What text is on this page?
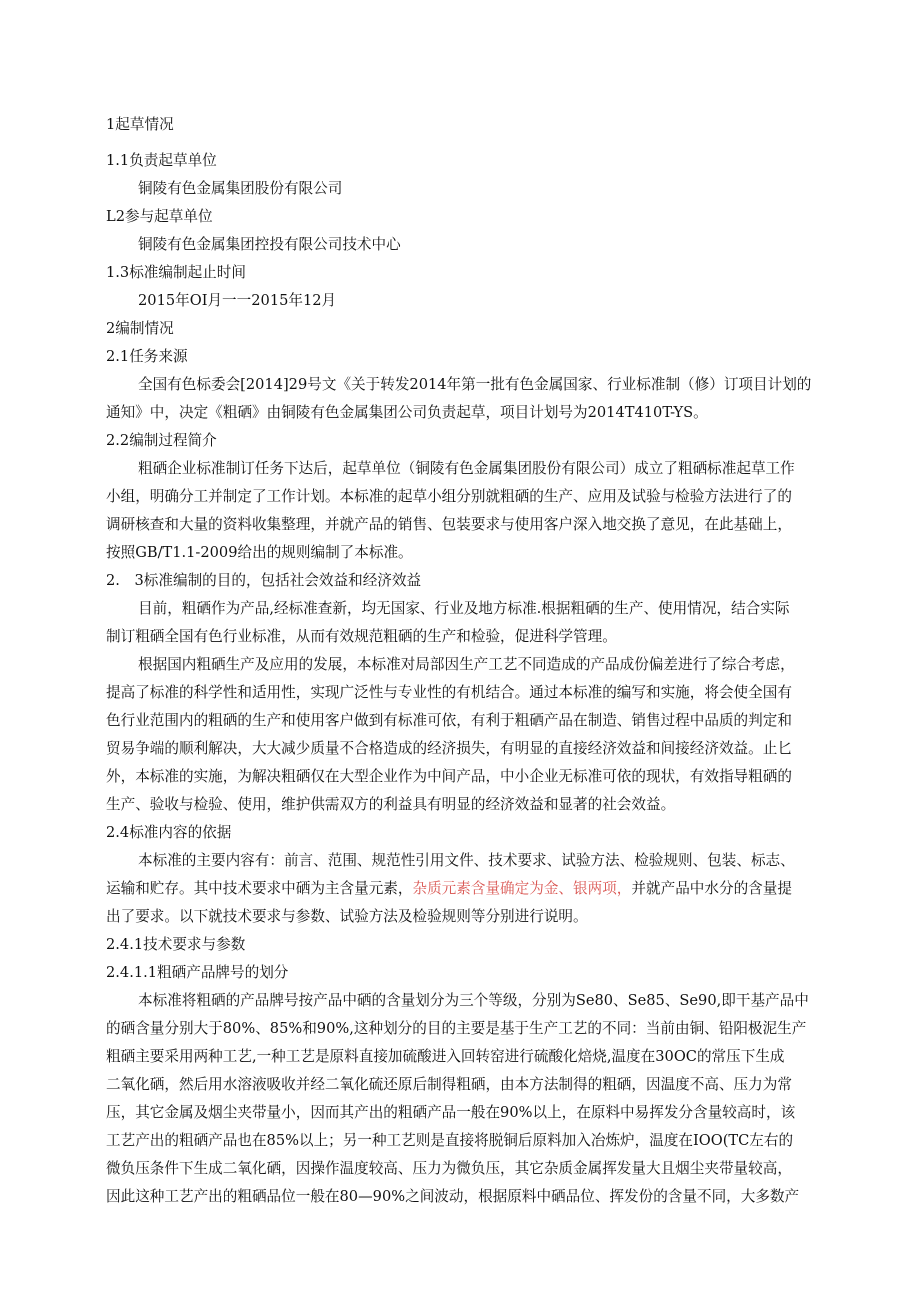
1起草情况
1.1负责起草单位
铜陵有色金属集团股份有限公司
L2参与起草单位
铜陵有色金属集团控投有限公司技术中心
1.3标准编制起止时间
2015年OI月一一2015年12月
2编制情况
2.1任务来源
全国有色标委会[2014]29号文《关于转发2014年第一批有色金属国家、行业标准制（修）订项目计划的
通知》中，决定《粗硒》由铜陵有色金属集团公司负责起草，项目计划号为2014T410T-YS。
2.2编制过程简介
粗硒企业标准制订任务下达后，起草单位（铜陵有色金属集团股份有限公司）成立了粗硒标准起草工作
小组，明确分工并制定了工作计划。本标准的起草小组分别就粗硒的生产、应用及试验与检验方法进行了的
调研核查和大量的资料收集整理，并就产品的销售、包装要求与使用客户深入地交换了意见，在此基础上，
按照GB/T1.1-2009给出的规则编制了本标准。
2.　3标准编制的目的，包括社会效益和经济效益
目前，粗硒作为产品,经标准查新，均无国家、行业及地方标准.根据粗硒的生产、使用情况，结合实际
制订粗硒全国有色行业标准，从而有效规范粗硒的生产和检验，促进科学管理。
根据国内粗硒生产及应用的发展，本标准对局部因生产工艺不同造成的产品成份偏差进行了综合考虑，
提高了标准的科学性和适用性，实现广泛性与专业性的有机结合。通过本标准的编写和实施，将会使全国有
色行业范围内的粗硒的生产和使用客户做到有标准可依，有利于粗硒产品在制造、销售过程中品质的判定和
贸易争端的顺利解决，大大减少质量不合格造成的经济损失，有明显的直接经济效益和间接经济效益。止匕
外，本标准的实施，为解决粗硒仅在大型企业作为中间产品，中小企业无标准可依的现状，有效指导粗硒的
生产、验收与检验、使用，维护供需双方的利益具有明显的经济效益和显著的社会效益。
2.4标准内容的依据
本标准的主要内容有：前言、范围、规范性引用文件、技术要求、试验方法、检验规则、包装、标志、
运输和贮存。其中技术要求中硒为主含量元素，杂质元素含量确定为金、银两项，并就产品中水分的含量提
出了要求。以下就技术要求与参数、试验方法及检验规则等分别进行说明。
2.4.1技术要求与参数
2.4.1.1粗硒产品牌号的划分
本标准将粗硒的产品牌号按产品中硒的含量划分为三个等级，分别为Se80、Se85、Se90,即干基产品中
的硒含量分别大于80%、85%和90%,这种划分的目的主要是基于生产工艺的不同：当前由铜、铅阳极泥生产
粗硒主要采用两种工艺,一种工艺是原料直接加硫酸进入回转窑进行硫酸化焙烧,温度在30OC的常压下生成
二氧化硒，然后用水溶液吸收并经二氧化硫还原后制得粗硒，由本方法制得的粗硒，因温度不高、压力为常
压，其它金属及烟尘夹带量小，因而其产出的粗硒产品一般在90%以上，在原料中易挥发分含量较高时，该
工艺产出的粗硒产品也在85%以上；另一种工艺则是直接将脱铜后原料加入冶炼炉，温度在IOO(TC左右的
微负压条件下生成二氧化硒，因操作温度较高、压力为微负压，其它杂质金属挥发量大且烟尘夹带量较高，
因此这种工艺产出的粗硒品位一般在80—90%之间波动，根据原料中硒品位、挥发份的含量不同，大多数产
